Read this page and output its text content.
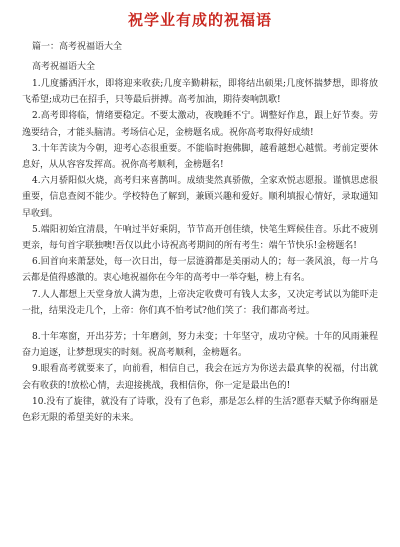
祝学业有成的祝福语
篇一：高考祝福语大全
高考祝福语大全

1.几度播洒汗水，即将迎来收获;几度辛勤耕耘，即将结出硕果;几度怀揣梦想，即将放飞希望;成功已在招手，只等最后拼搏。高考加油，期待奏响凯歌!

2.高考即将临，情绪要稳定。不要太激动，夜晚睡不宁。调整好作息，跟上好节奏。劳逸要结合，才能头脑清。考场信心足，金榜题名成。祝你高考取得好成绩!

3.十年苦读为今朝，迎考心态很重要。不能临时抱佛脚，越看越想心越慌。考前定要休息好，从从容容发挥高。祝你高考顺利，金榜题名!

4.六月骄阳似火烧，高考归来喜鹊叫。成绩斐然真骄傲，全家欢悦志愿报。谨慎思虑很重要，信息查阅不能少。学校特色了解到，兼顾兴趣和爱好。顺利填报心情好，录取通知早收到。

5.端阳初始宜清晨，午响过半好乘阴，节节高开创佳绩，快笔生辉候佳音。乐此不疲别更亲，每句首字联独噢!吾仅以此小诗祝高考期间的所有考生：端午节快乐!金榜题名!

6.回首向来萧瑟处，每一次日出，每一层涟漪都是美丽动人的；每一袭风浪，每一片乌云都是值得感激的。衷心地祝福你在今年的高考中一举夺魁，榜上有名。

7.人人都想上天堂身放人满为患，上帝决定收费可有钱人太多，又决定考试以为能吓走一批，结果没走几个，上帝：你们真不怕考试?他们笑了：我们都高考过。

8.十年寒窗，开出芬芳；十年磨剑，努力未变；十年坚守，成功守候。十年的风雨兼程奋力追逐，让梦想现实的时刻。祝高考顺利，金榜题名。

9.眼看高考就要来了，向前看，相信自己，我会在远方为你送去最真挚的祝福，付出就会有收获的!放松心情，去迎接挑战，我相信你，你一定是最出色的!

10.没有了旋律，就没有了诗歌，没有了色彩，那是怎么样的生活?愿春天赋予你绚丽是色彩无限的希望美好的未来。
